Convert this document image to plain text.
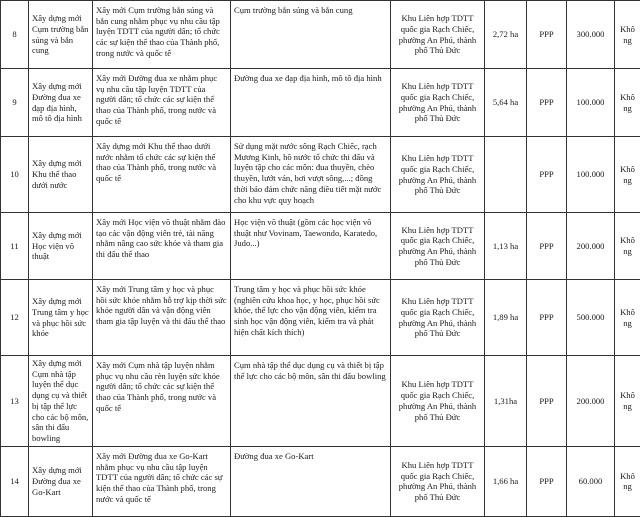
8	Xây dựng mới Cụm trường bắn súng và bắn cung	Xây mới Cụm trường bắn súng và bắn cung nhằm phục vụ nhu cầu tập luyện TDTT của người dân; tổ chức các sự kiện thể thao của Thành phố, trong nước và quốc tế	Cụm trường bắn súng và bắn cung	Khu Liên hợp TDTT quốc gia Rạch Chiếc, phường An Phú, thành phố Thủ Đức	2,72 ha	PPP	300.000	Không
9	Xây dựng mới Đường đua xe đạp địa hình, mô tô địa hình	Xây mới Đường đua xe nhằm phục vụ nhu cầu tập luyện TDTT của người dân; tổ chức các sự kiện thể thao của Thành phố, trong nước và quốc tế	Đường đua xe đạp địa hình, mô tô địa hình	Khu Liên hợp TDTT quốc gia Rạch Chiếc, phường An Phú, thành phố Thủ Đức	5,64 ha	PPP	100.000	Không
10	Xây dựng mới Khu thể thao dưới nước	Xây dựng mới Khu thể thao dưới nước nhằm tổ chức các sự kiện thể thao của Thành phố, trong nước và quốc tế	Sử dụng mặt nước sông Rạch Chiếc, rạch Mương Kinh, hồ nước tổ chức thi đấu và luyện tập cho các môn: đua thuyền, chèo thuyền, lướt ván, bơi vượt sông,...; đồng thời bảo đảm chức năng điều tiết mặt nước cho khu vực quy hoạch	Khu Liên hợp TDTT quốc gia Rạch Chiếc, phường An Phú, thành phố Thủ Đức		PPP	100.000	Không
11	Xây dựng mới Học viện võ thuật	Xây mới Học viện võ thuật nhằm đào tạo các vận động viên trẻ, tài năng nhằm nâng cao sức khỏe và tham gia thi đấu thể thao	Học viện võ thuật (gồm các học viện võ thuật như Vovinam, Taewondo, Karatedo, Judo...)	Khu Liên hợp TDTT quốc gia Rạch Chiếc, phường An Phú, thành phố Thủ Đức	1,13 ha	PPP	200.000	Không
12	Xây dựng mới Trung tâm y học và phục hồi sức khỏe	Xây mới Trung tâm y học và phục hồi sức khỏe nhằm hỗ trợ kịp thời sức khỏe người dân và vận động viên tham gia tập luyện và thi đấu thể thao	Trung tâm y học và phục hồi sức khỏe (nghiên cứu khoa học, y học, phục hồi sức khỏe, thể lực cho vận động viên, kiểm tra sinh học vận động viên, kiểm tra và phát hiện chất kích thích)	Khu Liên hợp TDTT quốc gia Rạch Chiếc, phường An Phú, thành phố Thủ Đức	1,89 ha	PPP	500.000	Không
13	Xây dựng mới Cụm nhà tập luyện thể dục dụng cụ và thiết bị tập thể lực cho các bộ môn, sân thi đấu bowling	Xây mới Cụm nhà tập luyện nhằm phục vụ nhu cầu rèn luyện sức khỏe người dân; tổ chức các sự kiện thể thao của Thành phố, trong nước và quốc tế	Cụm nhà tập thể dục dụng cụ và thiết bị tập thể lực cho các bộ môn, sân thi đấu bowling	Khu Liên hợp TDTT quốc gia Rạch Chiếc, phường An Phú, thành phố Thủ Đức	1,31ha	PPP	200.000	Không
14	Xây dựng mới Đường đua xe Go-Kart	Xây mới Đường đua xe Go-Kart nhằm phục vụ nhu cầu tập luyện TDTT của người dân; tổ chức các sự kiện thể thao của Thành phố, trong nước và quốc tế	Đường đua xe Go-Kart	Khu Liên hợp TDTT quốc gia Rạch Chiếc, phường An Phú, thành phố Thủ Đức	1,66 ha	PPP	60.000	Không
